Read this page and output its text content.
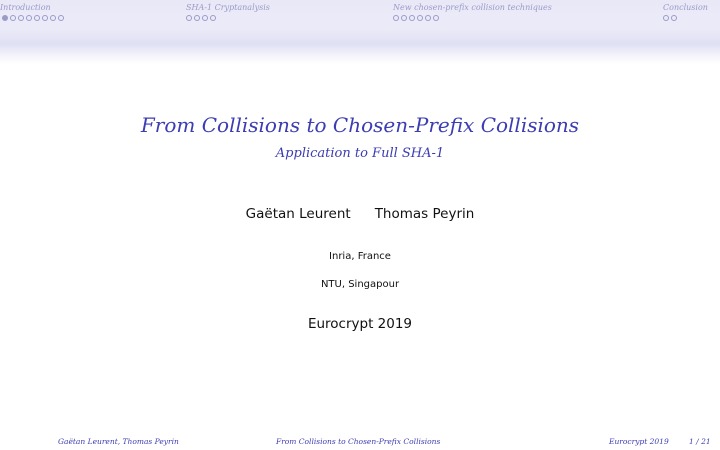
Introduction	SHA-1 Cryptanalysis	New chosen-prefix collision techniques	Conclusion
From Collisions to Chosen-Prefix Collisions
Application to Full SHA-1
Gaëtan Leurent Thomas Peyrin
Inria, France
NTU, Singapour
Eurocrypt 2019
Gaëtan Leurent, Thomas Peyrin	From Collisions to Chosen-Prefix Collisions	Eurocrypt 2019	1 / 21
